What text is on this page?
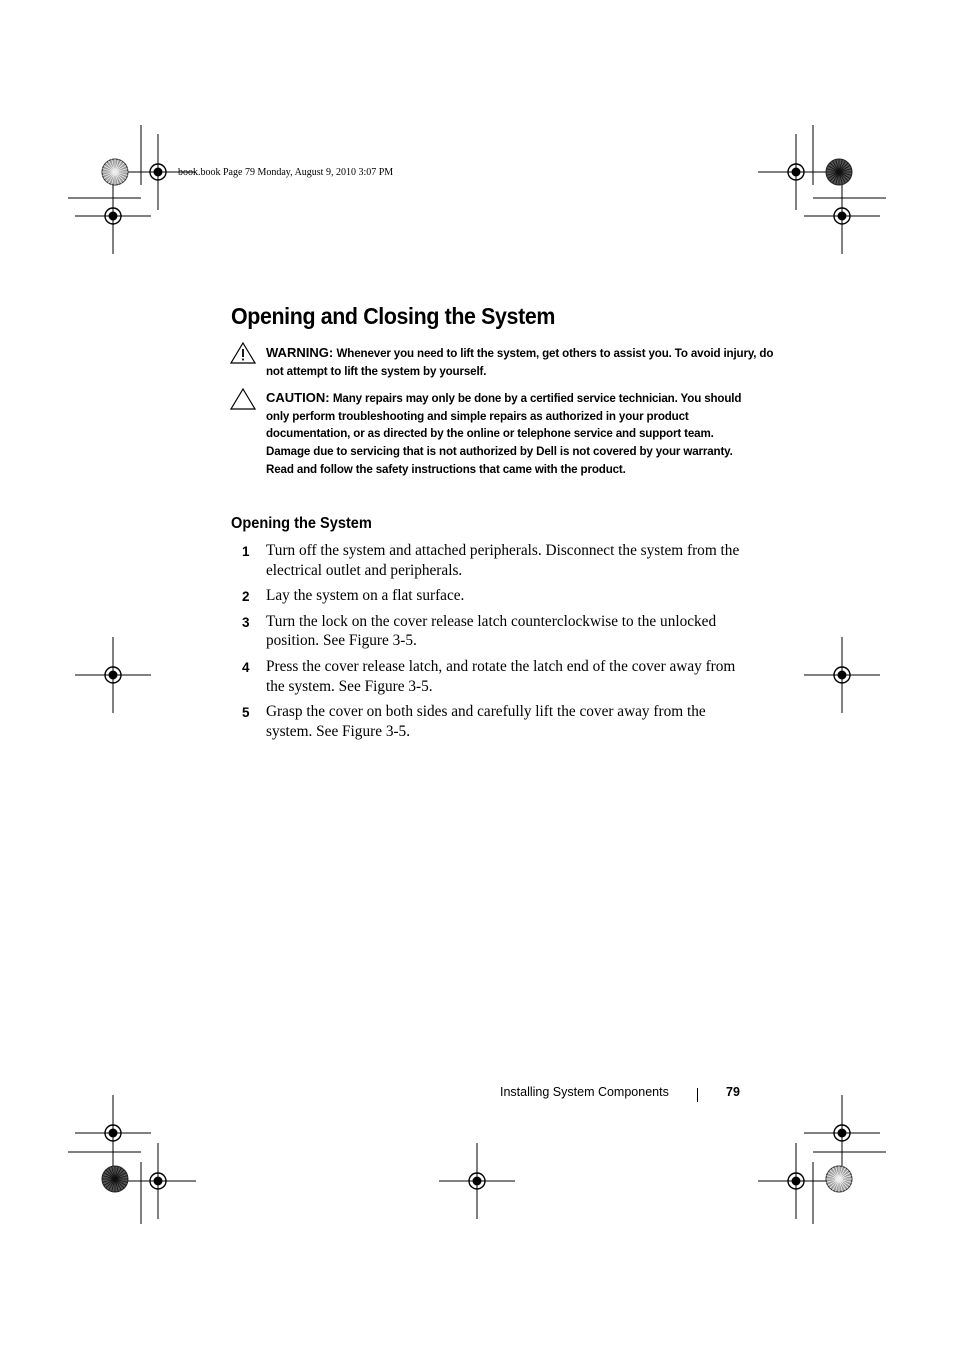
book.book Page 79 Monday, August 9, 2010 3:07 PM
Opening and Closing the System
WARNING: Whenever you need to lift the system, get others to assist you. To avoid injury, do not attempt to lift the system by yourself.
CAUTION: Many repairs may only be done by a certified service technician. You should only perform troubleshooting and simple repairs as authorized in your product documentation, or as directed by the online or telephone service and support team. Damage due to servicing that is not authorized by Dell is not covered by your warranty. Read and follow the safety instructions that came with the product.
Opening the System
1 Turn off the system and attached peripherals. Disconnect the system from the electrical outlet and peripherals.
2 Lay the system on a flat surface.
3 Turn the lock on the cover release latch counterclockwise to the unlocked position. See Figure 3-5.
4 Press the cover release latch, and rotate the latch end of the cover away from the system. See Figure 3-5.
5 Grasp the cover on both sides and carefully lift the cover away from the system. See Figure 3-5.
Installing System Components	79
